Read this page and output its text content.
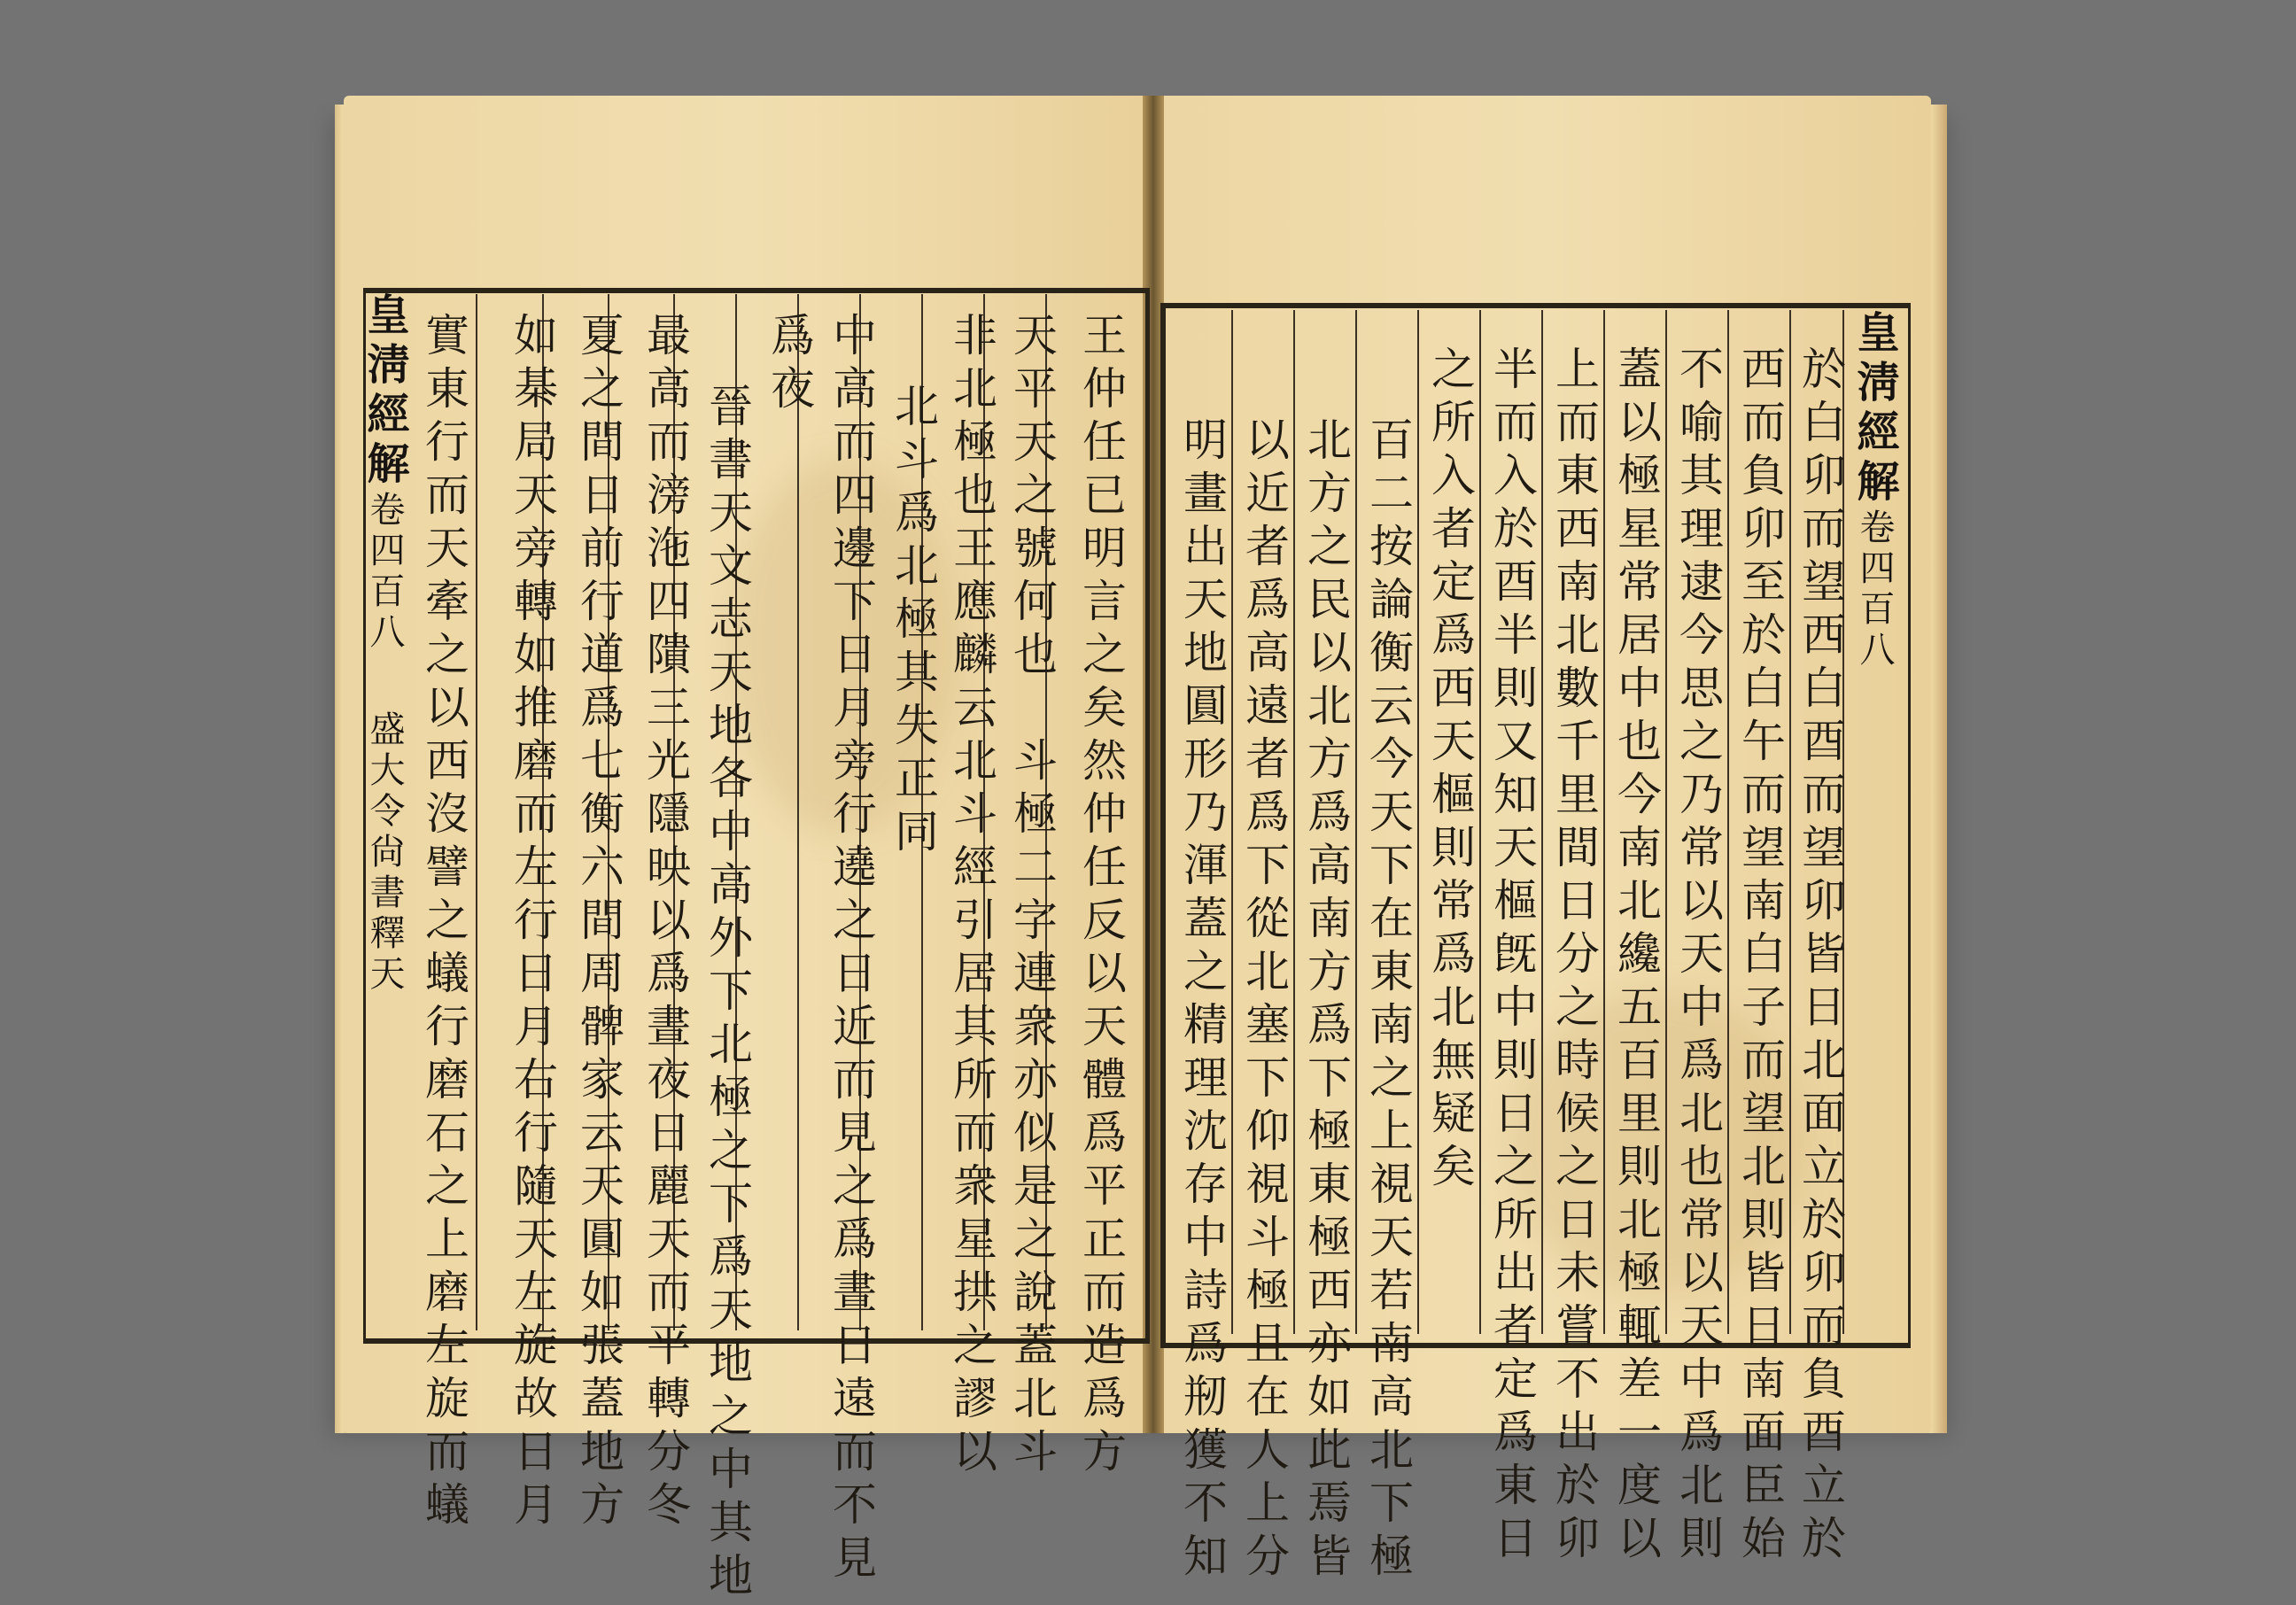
皇淸經解卷四百八 盛大令尙書釋天	王仲任已明言之矣然仲任反以天體爲平正而造爲方
天平天之號何也　斗極二字連衆亦似是之說蓋北斗
非北極也王應麟云北斗經引居其所而衆星拱之謬以
北斗爲北極其失正同
中高而四邊下日月旁行遶之日近而見之爲晝日遠而不見
爲夜
晉書天文志天地各中高外下北極之下爲天地之中其地
最高而滂沲四隤三光隱映以爲晝夜日麗天而平轉分冬
夏之間日前行道爲七衡六間周髀家云天圓如張蓋地方
如棊局天旁轉如推磨而左行日月右行隨天左旋故日月
實東行而天牽之以西沒譬之蟻行磨石之上磨左旋而蟻	皇淸經解卷四百八
於白卯而望西白酉而望卯皆日北面立於卯而負酉立於
西而負卯至於白午而望南白子而望北則皆日南面臣始
不喻其理逮今思之乃常以天中爲北也常以天中爲北則
蓋以極星常居中也今南北纔五百里則北極輒差一度以
上而東西南北數千里間日分之時候之日未嘗不出於卯
半而入於酉半則又知天樞旣中則日之所出者定爲東日
之所入者定爲西天樞則常爲北無疑矣
百二按論衡云今天下在東南之上視天若南高北下極
北方之民以北方爲高南方爲下極東極西亦如此焉皆
以近者爲高遠者爲下從北塞下仰視斗極且在人上分
明畫出天地圓形乃渾蓋之精理沈存中詩爲剏獲不知
